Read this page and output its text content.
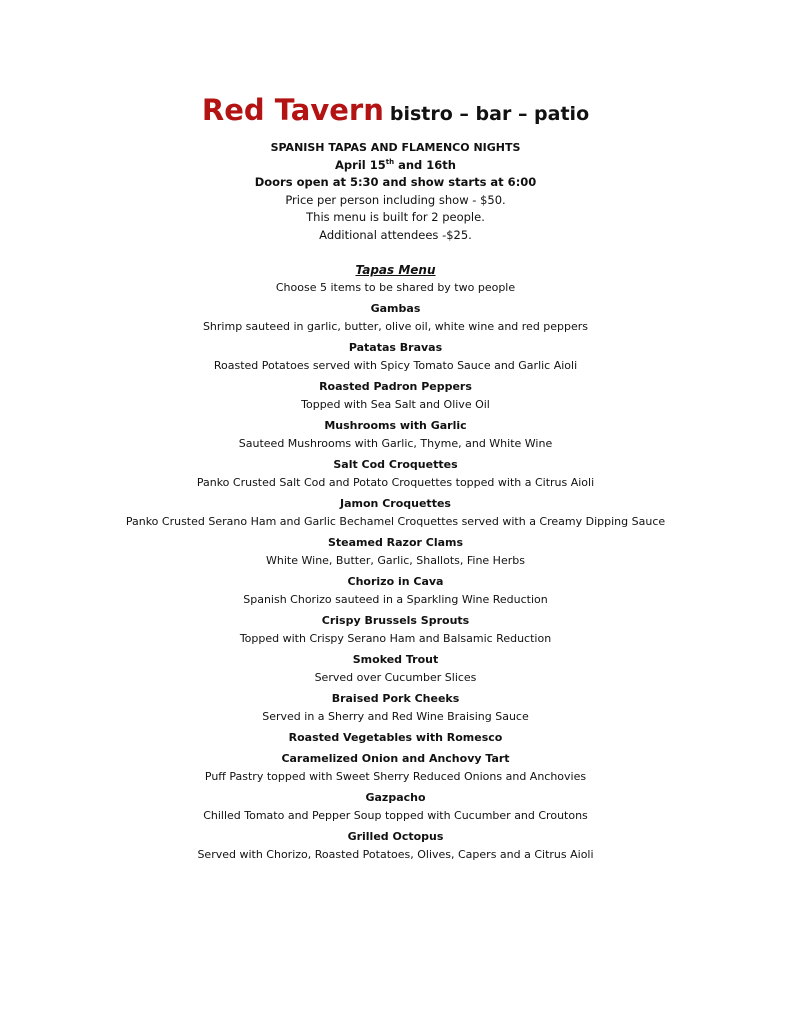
Red Tavern bistro – bar – patio
SPANISH TAPAS AND FLAMENCO NIGHTS
April 15th and 16th
Doors open at 5:30 and show starts at 6:00
Price per person including show - $50.
This menu is built for 2 people.
Additional attendees -$25.
Tapas Menu
Choose 5 items to be shared by two people
Gambas
Shrimp sauteed in garlic, butter, olive oil, white wine and red peppers
Patatas Bravas
Roasted Potatoes served with Spicy Tomato Sauce and Garlic Aioli
Roasted Padron Peppers
Topped with Sea Salt and Olive Oil
Mushrooms with Garlic
Sauteed Mushrooms with Garlic, Thyme, and White Wine
Salt Cod Croquettes
Panko Crusted Salt Cod and Potato Croquettes topped with a Citrus Aioli
Jamon Croquettes
Panko Crusted Serano Ham and Garlic Bechamel Croquettes served with a Creamy Dipping Sauce
Steamed Razor Clams
White Wine, Butter, Garlic, Shallots, Fine Herbs
Chorizo in Cava
Spanish Chorizo sauteed in a Sparkling Wine Reduction
Crispy Brussels Sprouts
Topped with Crispy Serano Ham and Balsamic Reduction
Smoked Trout
Served over Cucumber Slices
Braised Pork Cheeks
Served in a Sherry and Red Wine Braising Sauce
Roasted Vegetables with Romesco
Caramelized Onion and Anchovy Tart
Puff Pastry topped with Sweet Sherry Reduced Onions and Anchovies
Gazpacho
Chilled Tomato and Pepper Soup topped with Cucumber and Croutons
Grilled Octopus
Served with Chorizo, Roasted Potatoes, Olives, Capers and a Citrus Aioli
